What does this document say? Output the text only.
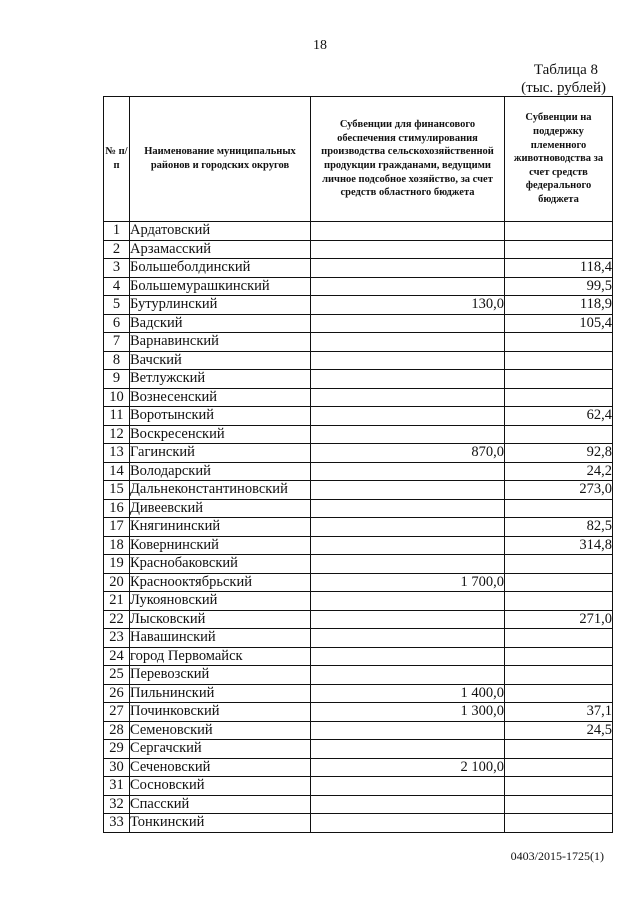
18
Таблица 8
(тыс. рублей)
№ п/п	Наименование муниципальных районов и городских округов	Субвенции для финансового обеспечения стимулирования производства сельскохозяйственной продукции гражданами, ведущими личное подсобное хозяйство, за счет средств областного бюджета	Субвенции на поддержку племенного животноводства за счет средств федерального бюджета
1	Ардатовский		
2	Арзамасский		
3	Большеболдинский		118,4
4	Большемурашкинский		99,5
5	Бутурлинский	130,0	118,9
6	Вадский		105,4
7	Варнавинский		
8	Вачский		
9	Ветлужский		
10	Вознесенский		
11	Воротынский		62,4
12	Воскресенский		
13	Гагинский	870,0	92,8
14	Володарский		24,2
15	Дальнеконстантиновский		273,0
16	Дивеевский		
17	Княгининский		82,5
18	Ковернинский		314,8
19	Краснобаковский		
20	Краснооктябрьский	1 700,0	
21	Лукояновский		
22	Лысковский		271,0
23	Навашинский		
24	город Первомайск		
25	Перевозский		
26	Пильнинский	1 400,0	
27	Починковский	1 300,0	37,1
28	Семеновский		24,5
29	Сергачский		
30	Сеченовский	2 100,0	
31	Сосновский		
32	Спасский		
33	Тонкинский		
0403/2015-1725(1)
